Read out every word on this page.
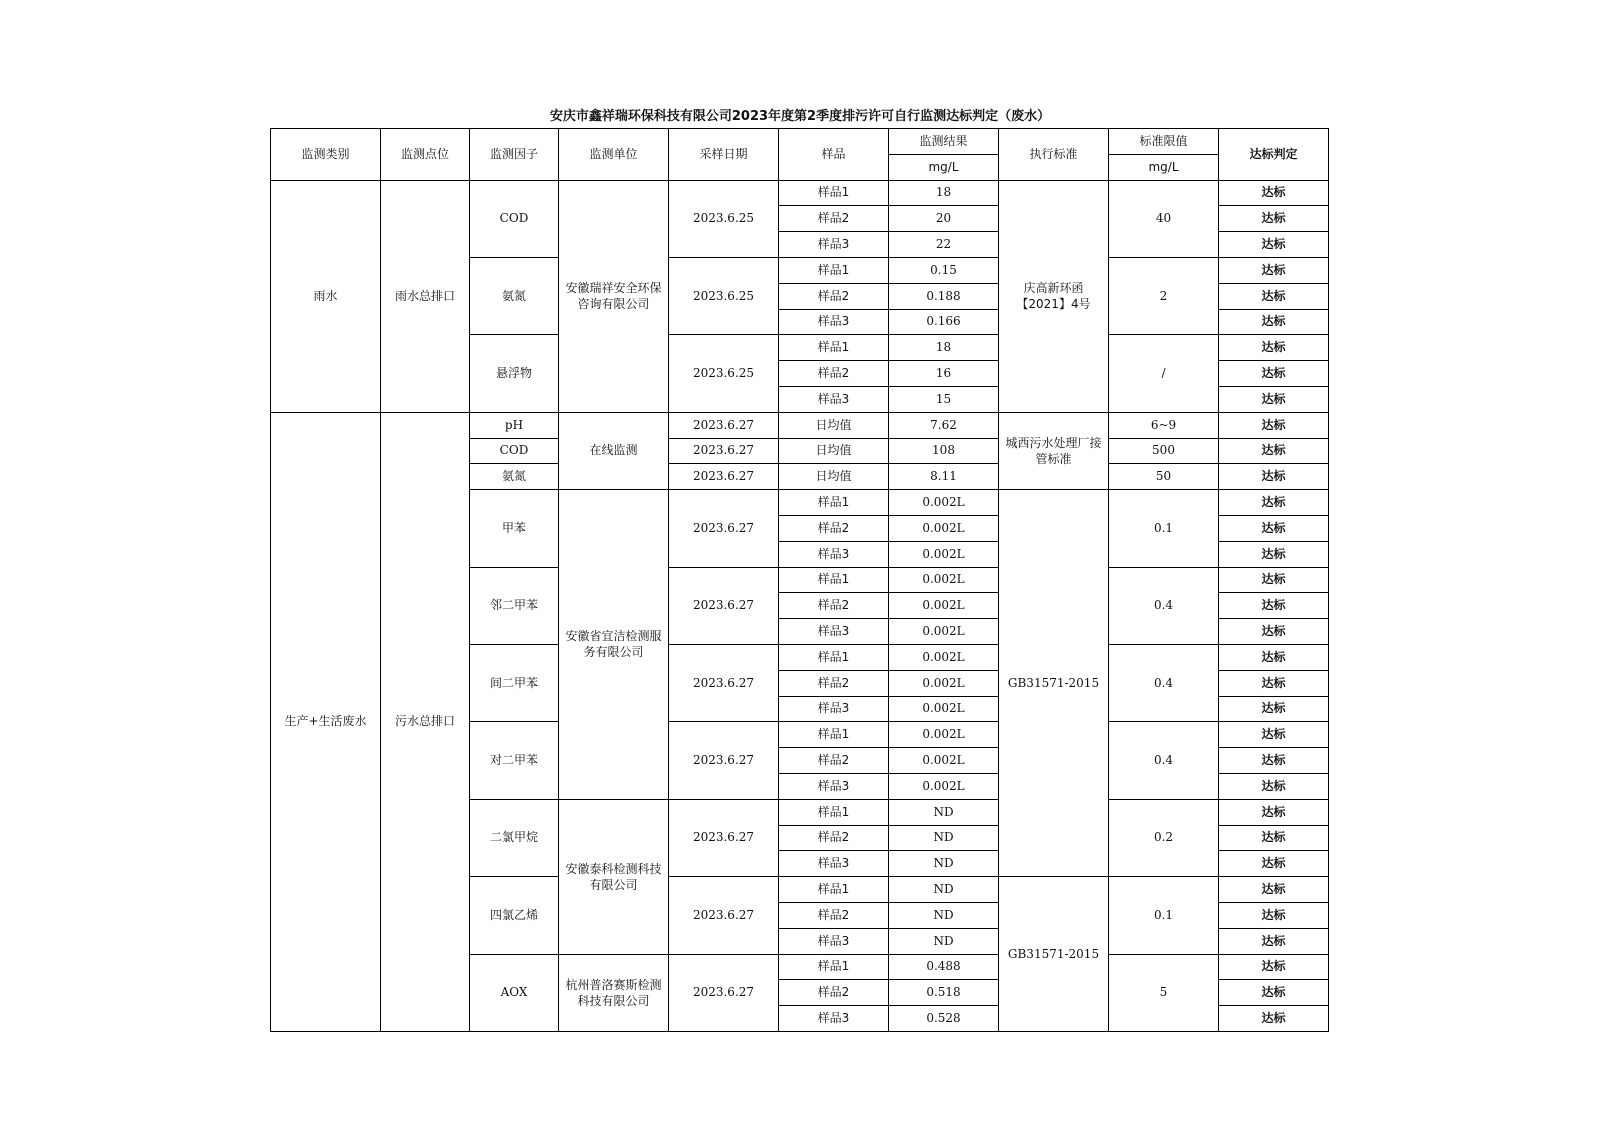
安庆市鑫祥瑞环保科技有限公司2023年度第2季度排污许可自行监测达标判定（废水）
监测类别	监测点位	监测因子	监测单位	采样日期	样品	监测结果	执行标准	标准限值	达标判定
						mg/L		mg/L	
雨水	雨水总排口	COD	安徽瑞祥安全环保咨询有限公司	2023.6.25	样品1	18	庆高新环函【2021】4号	40	达标
					样品2	20			达标
					样品3	22			达标
		氨氮		2023.6.25	样品1	0.15		2	达标
					样品2	0.188			达标
					样品3	0.166			达标
		悬浮物		2023.6.25	样品1	18		/	达标
					样品2	16			达标
					样品3	15			达标
生产+生活废水	污水总排口	pH	在线监测	2023.6.27	日均值	7.62	城西污水处理厂接管标准	6~9	达标
		COD		2023.6.27	日均值	108		500	达标
		氨氮		2023.6.27	日均值	8.11		50	达标
		甲苯	安徽省宜洁检测服务有限公司	2023.6.27	样品1	0.002L	GB31571-2015	0.1	达标
					样品2	0.002L			达标
					样品3	0.002L			达标
		邻二甲苯		2023.6.27	样品1	0.002L		0.4	达标
					样品2	0.002L			达标
					样品3	0.002L			达标
		间二甲苯		2023.6.27	样品1	0.002L		0.4	达标
					样品2	0.002L			达标
					样品3	0.002L			达标
		对二甲苯		2023.6.27	样品1	0.002L		0.4	达标
					样品2	0.002L			达标
					样品3	0.002L			达标
		二氯甲烷	安徽泰科检测科技有限公司	2023.6.27	样品1	ND		0.2	达标
					样品2	ND			达标
					样品3	ND			达标
		四氯乙烯		2023.6.27	样品1	ND	GB31571-2015	0.1	达标
					样品2	ND			达标
					样品3	ND			达标
		AOX	杭州普洛赛斯检测科技有限公司	2023.6.27	样品1	0.488		5	达标
					样品2	0.518			达标
					样品3	0.528			达标
